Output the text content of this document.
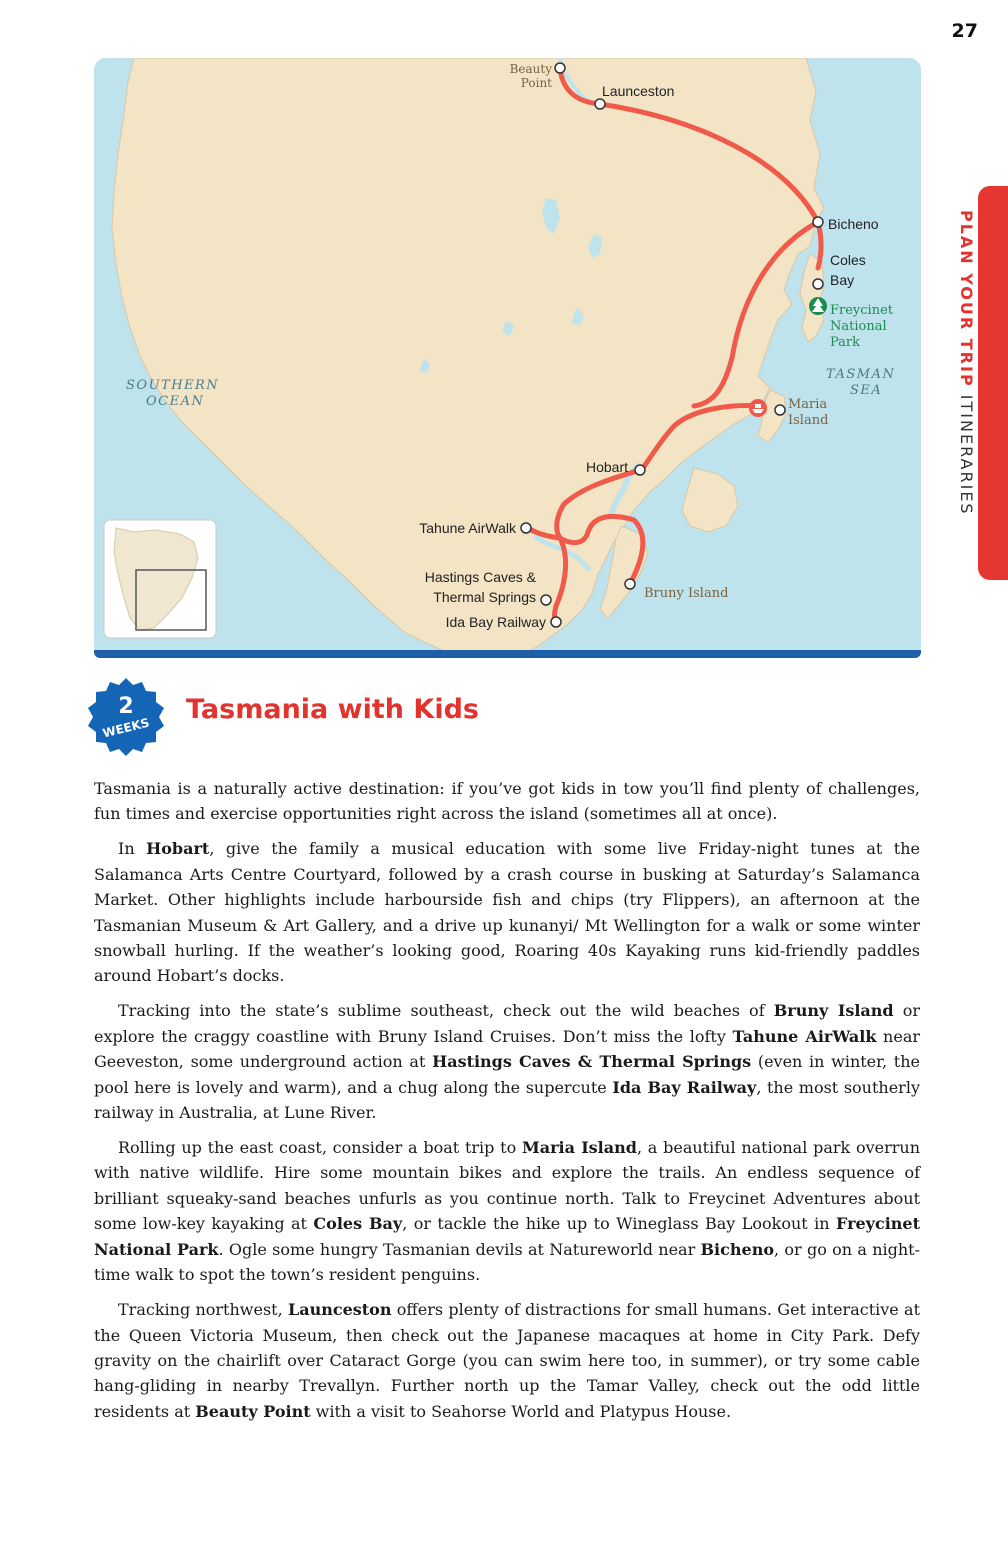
27
PLAN YOUR TRIP ITINERARIES
Beauty Point	Launceston
Bicheno
Coles Bay
Freycinet National Park
Maria Island
Hobart
Tahune AirWalk
Hastings Caves & Thermal Springs
Ida Bay Railway
Bruny Island
SOUTHERN OCEAN
TASMAN SEA
2
WEEKS
Tasmania with Kids

Tasmania is a naturally active destination: if you’ve got kids in tow you’ll find plenty of challenges, fun times and exercise opportunities right across the island (sometimes all at once).

In Hobart, give the family a musical education with some live Friday-night tunes at the Salamanca Arts Centre Courtyard, followed by a crash course in busking at Saturday’s Salamanca Market. Other highlights include harbourside fish and chips (try Flippers), an afternoon at the Tasmanian Museum & Art Gallery, and a drive up kunanyi/ Mt Wellington for a walk or some winter snowball hurling. If the weather’s looking good, Roaring 40s Kayaking runs kid-friendly paddles around Hobart’s docks.

Tracking into the state’s sublime southeast, check out the wild beaches of Bruny Island or explore the craggy coastline with Bruny Island Cruises. Don’t miss the lofty Tahune AirWalk near Geeveston, some underground action at Hastings Caves & Thermal Springs (even in winter, the pool here is lovely and warm), and a chug along the supercute Ida Bay Railway, the most southerly railway in Australia, at Lune River.

Rolling up the east coast, consider a boat trip to Maria Island, a beautiful national park overrun with native wildlife. Hire some mountain bikes and explore the trails. An endless sequence of brilliant squeaky-sand beaches unfurls as you continue north. Talk to Freycinet Adventures about some low-key kayaking at Coles Bay, or tackle the hike up to Wineglass Bay Lookout in Freycinet National Park. Ogle some hungry Tasmanian devils at Natureworld near Bicheno, or go on a night-time walk to spot the town’s resident penguins.

Tracking northwest, Launceston offers plenty of distractions for small humans. Get interactive at the Queen Victoria Museum, then check out the Japanese macaques at home in City Park. Defy gravity on the chairlift over Cataract Gorge (you can swim here too, in summer), or try some cable hang-gliding in nearby Trevallyn. Further north up the Tamar Valley, check out the odd little residents at Beauty Point with a visit to Seahorse World and Platypus House.
